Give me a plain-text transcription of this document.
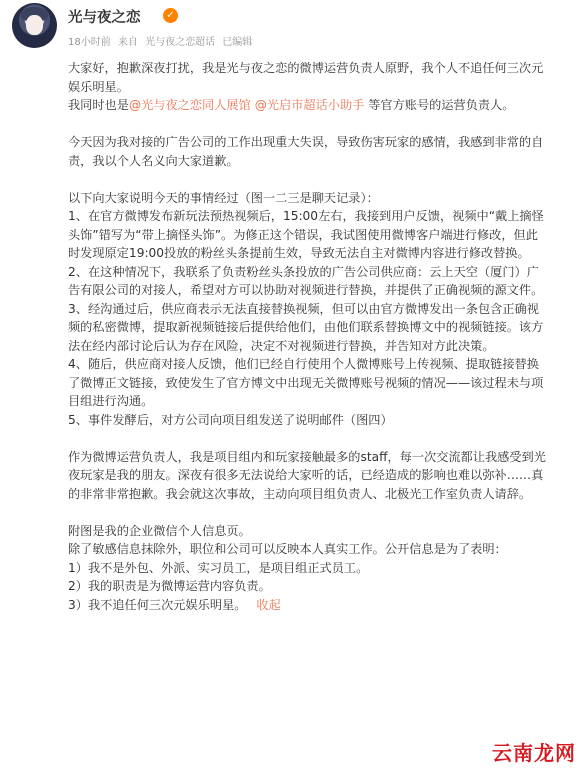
光与夜之恋	✓
18小时前 来自 光与夜之恋超话 已编辑

大家好，抱歉深夜打扰，我是光与夜之恋的微博运营负责人原野，我个人不追任何三次元娱乐明星。

我同时也是@光与夜之恋同人展馆 @光启市超话小助手 等官方账号的运营负责人。

今天因为我对接的广告公司的工作出现重大失误，导致伤害玩家的感情，我感到非常的自责，我以个人名义向大家道歉。

以下向大家说明今天的事情经过（图一二三是聊天记录）：

1、在官方微博发布新玩法预热视频后，15:00左右，我接到用户反馈，视频中“戴上摘怪头饰”错写为“带上摘怪头饰”。为修正这个错误，我试图使用微博客户端进行修改，但此时发现原定19:00投放的粉丝头条提前生效，导致无法自主对微博内容进行修改替换。

2、在这种情况下，我联系了负责粉丝头条投放的广告公司供应商：云上天空（厦门）广告有限公司的对接人，希望对方可以协助对视频进行替换，并提供了正确视频的源文件。

3、经沟通过后，供应商表示无法直接替换视频，但可以由官方微博发出一条包含正确视频的私密微博，提取新视频链接后提供给他们，由他们联系替换博文中的视频链接。该方法在经内部讨论后认为存在风险，决定不对视频进行替换，并告知对方此决策。

4、随后，供应商对接人反馈，他们已经自行使用个人微博账号上传视频、提取链接替换了微博正文链接，致使发生了官方博文中出现无关微博账号视频的情况——该过程未与项目组进行沟通。

5、事件发酵后，对方公司向项目组发送了说明邮件（图四）

作为微博运营负责人，我是项目组内和玩家接触最多的staff，每一次交流都让我感受到光夜玩家是我的朋友。深夜有很多无法说给大家听的话，已经造成的影响也难以弥补……真的非常非常抱歉。我会就这次事故，主动向项目组负责人、北极光工作室负责人请辞。

附图是我的企业微信个人信息页。

除了敏感信息抹除外，职位和公司可以反映本人真实工作。公开信息是为了表明：

1）我不是外包、外派、实习员工，是项目组正式员工。

2）我的职责是为微博运营内容负责。

3）我不追任何三次元娱乐明星。 收起

云南龙网
